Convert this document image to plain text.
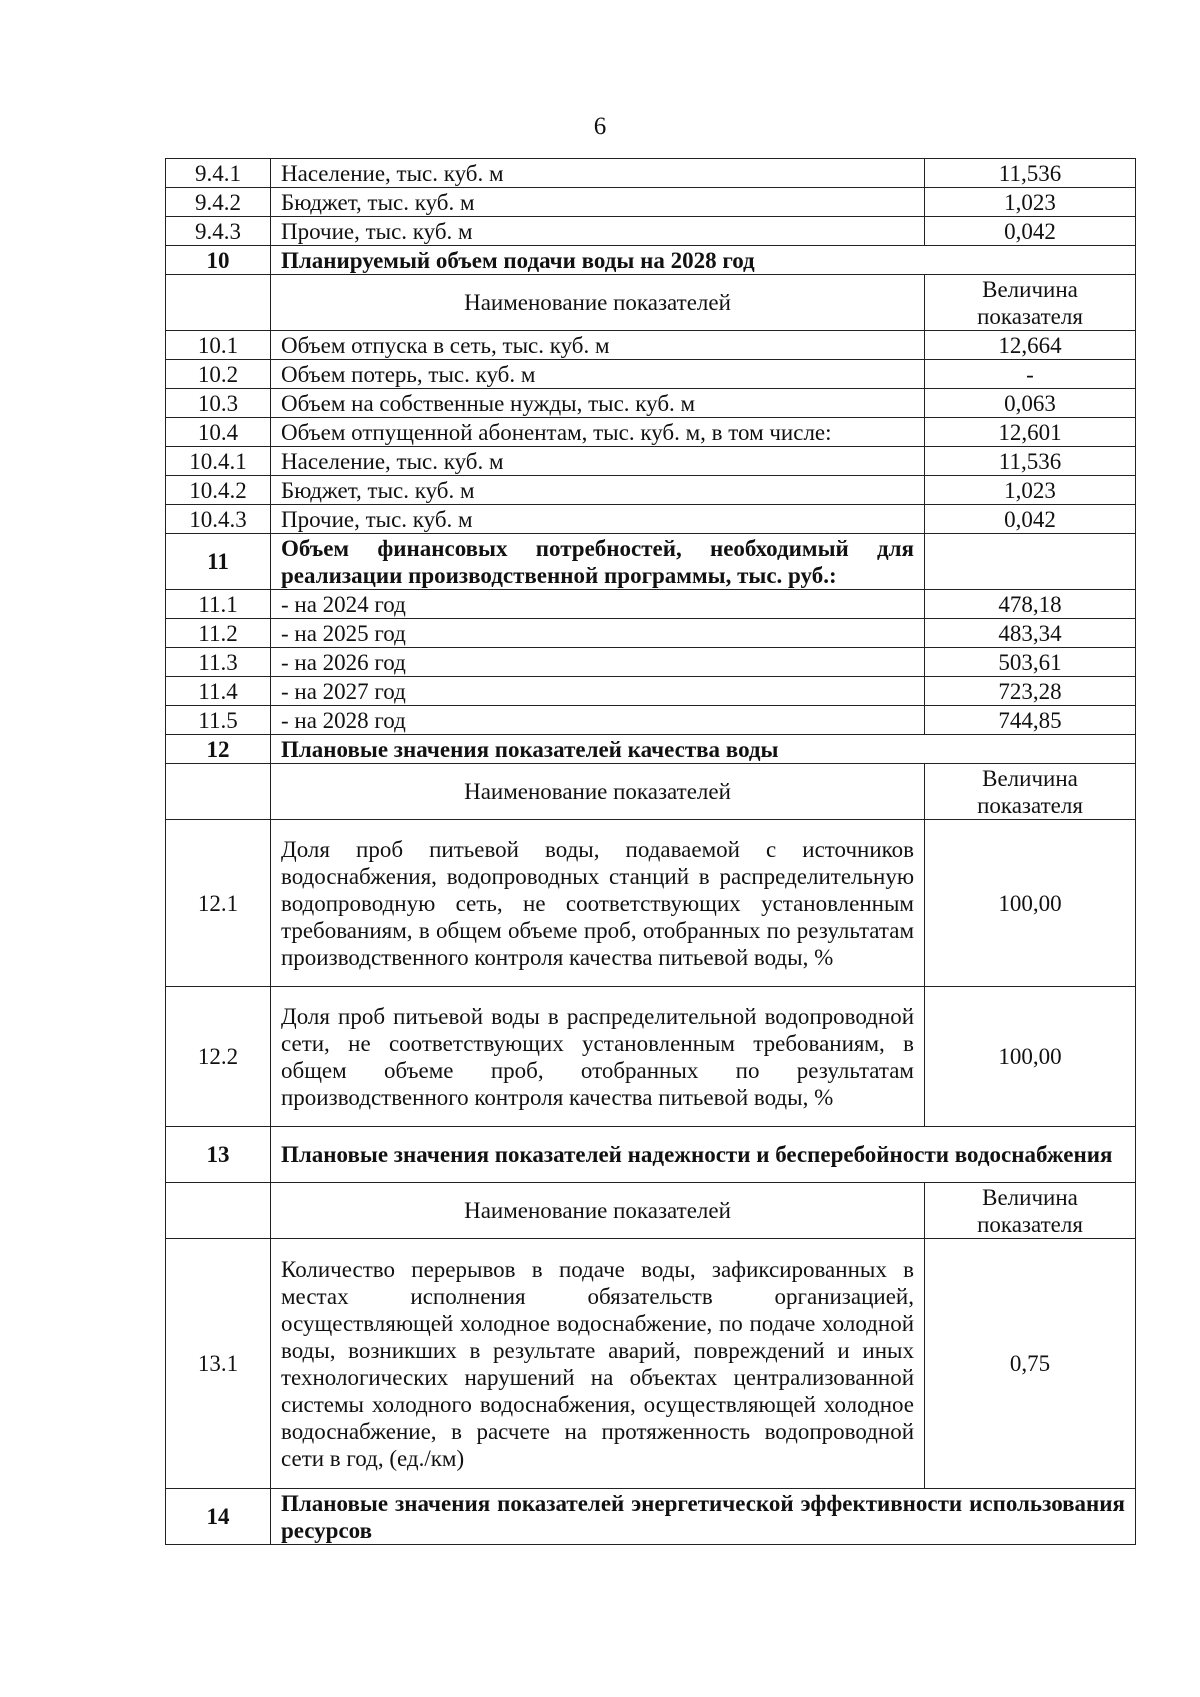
6
9.4.1	Население, тыс. куб. м	11,536
9.4.2	Бюджет, тыс. куб. м	1,023
9.4.3	Прочие, тыс. куб. м	0,042
10	Планируемый объем подачи воды на 2028 год	
	Наименование показателей	Величина показателя
10.1	Объем отпуска в сеть, тыс. куб. м	12,664
10.2	Объем потерь, тыс. куб. м	-
10.3	Объем на собственные нужды, тыс. куб. м	0,063
10.4	Объем отпущенной абонентам, тыс. куб. м, в том числе:	12,601
10.4.1	Население, тыс. куб. м	11,536
10.4.2	Бюджет, тыс. куб. м	1,023
10.4.3	Прочие, тыс. куб. м	0,042
11	Объем финансовых потребностей, необходимый для реализации производственной программы, тыс. руб.:	
11.1	- на 2024 год	478,18
11.2	- на 2025 год	483,34
11.3	- на 2026 год	503,61
11.4	- на 2027 год	723,28
11.5	- на 2028 год	744,85
12	Плановые значения показателей качества воды	
	Наименование показателей	Величина показателя
12.1	Доля проб питьевой воды, подаваемой с источников водоснабжения, водопроводных станций в распределительную водопроводную сеть, не соответствующих установленным требованиям, в общем объеме проб, отобранных по результатам производственного контроля качества питьевой воды, %	100,00
12.2	Доля проб питьевой воды в распределительной водопроводной сети, не соответствующих установленным требованиям, в общем объеме проб, отобранных по результатам производственного контроля качества питьевой воды, %	100,00
13	Плановые значения показателей надежности и бесперебойности водоснабжения	
	Наименование показателей	Величина показателя
13.1	Количество перерывов в подаче воды, зафиксированных в местах исполнения обязательств организацией, осуществляющей холодное водоснабжение, по подаче холодной воды, возникших в результате аварий, повреждений и иных технологических нарушений на объектах централизованной системы холодного водоснабжения, осуществляющей холодное водоснабжение, в расчете на протяженность водопроводной сети в год, (ед./км)	0,75
14	Плановые значения показателей энергетической эффективности использования ресурсов	
